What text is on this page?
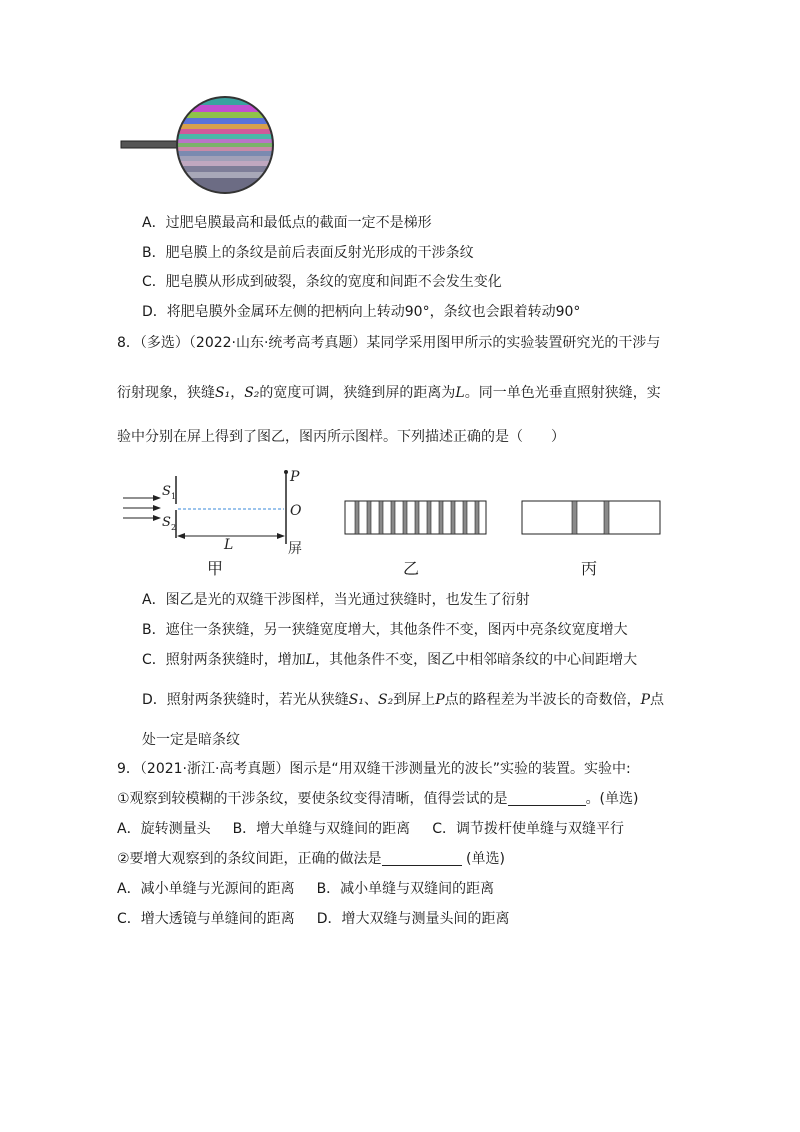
A．过肥皂膜最高和最低点的截面一定不是梯形
B．肥皂膜上的条纹是前后表面反射光形成的干涉条纹
C．肥皂膜从形成到破裂，条纹的宽度和间距不会发生变化
D．将肥皂膜外金属环左侧的把柄向上转动90°，条纹也会跟着转动90°
8．（多选）（2022·山东·统考高考真题）某同学采用图甲所示的实验装置研究光的干涉与
衍射现象，狭缝S₁，S₂的宽度可调，狭缝到屏的距离为L。同一单色光垂直照射狭缝，实
验中分别在屏上得到了图乙，图丙所示图样。下列描述正确的是（　　）
S 1
S 2
P
O
L	屏
甲	乙	丙
A．图乙是光的双缝干涉图样，当光通过狭缝时，也发生了衍射
B．遮住一条狭缝，另一狭缝宽度增大，其他条件不变，图丙中亮条纹宽度增大
C．照射两条狭缝时，增加L，其他条件不变，图乙中相邻暗条纹的中心间距增大
D．照射两条狭缝时，若光从狭缝S₁、S₂到屏上P点的路程差为半波长的奇数倍，P点
处一定是暗条纹
9．（2021·浙江·高考真题）图示是“用双缝干涉测量光的波长”实验的装置。实验中:
①观察到较模糊的干涉条纹，要使条纹变得清晰，值得尝试的是	。(单选)
A．旋转测量头 B．增大单缝与双缝间的距离 C．调节拨杆使单缝与双缝平行
②要增大观察到的条纹间距，正确的做法是	(单选)
A．减小单缝与光源间的距离 B．减小单缝与双缝间的距离
C．增大透镜与单缝间的距离 D．增大双缝与测量头间的距离
